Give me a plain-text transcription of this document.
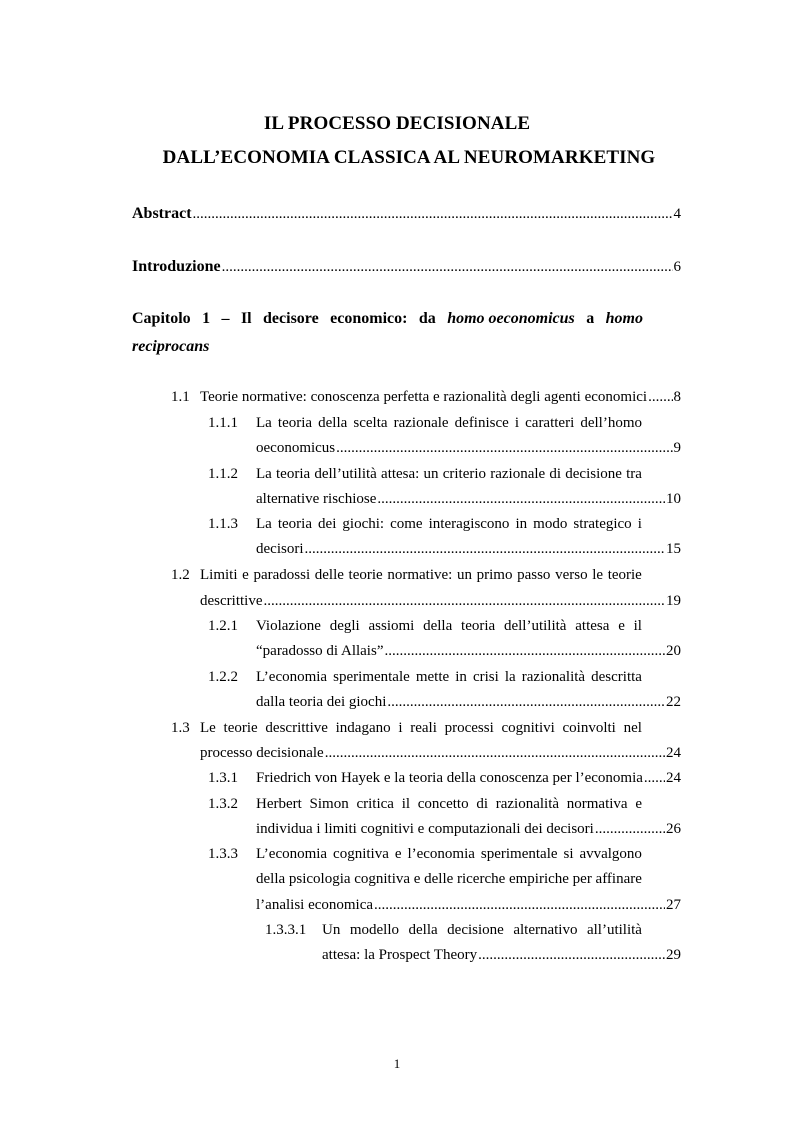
IL PROCESSO DECISIONALE
DALL’ECONOMIA CLASSICA AL NEUROMARKETING
Abstract .....	4
Introduzione .....	6
Capitolo 1 – Il decisore economico: da homo oeconomicus a homo
reciprocans
1.1 Teorie normative: conoscenza perfetta e razionalità degli agenti economici ..... 8
1.1.1 La teoria della scelta razionale definisce i caratteri dell’homo
oeconomicus .....	9
1.1.2 La teoria dell’utilità attesa: un criterio razionale di decisione tra
alternative rischiose .....	10
1.1.3 La teoria dei giochi: come interagiscono in modo strategico i
decisori .....	15
1.2 Limiti e paradossi delle teorie normative: un primo passo verso le teorie
descrittive .....	19
1.2.1 Violazione degli assiomi della teoria dell’utilità attesa e il
“paradosso di Allais” .....	20
1.2.2 L’economia sperimentale mette in crisi la razionalità descritta
dalla teoria dei giochi .....	22
1.3 Le teorie descrittive indagano i reali processi cognitivi coinvolti nel
processo decisionale .....	24
1.3.1 Friedrich von Hayek e la teoria della conoscenza per l’economia ..... 24
1.3.2 Herbert Simon critica il concetto di razionalità normativa e
individua i limiti cognitivi e computazionali dei decisori .....	26
1.3.3 L’economia cognitiva e l’economia sperimentale si avvalgono
della psicologia cognitiva e delle ricerche empiriche per affinare
l’analisi economica .....	27
1.3.3.1 Un modello della decisione alternativo all’utilità
attesa: la Prospect Theory .....	29
1
